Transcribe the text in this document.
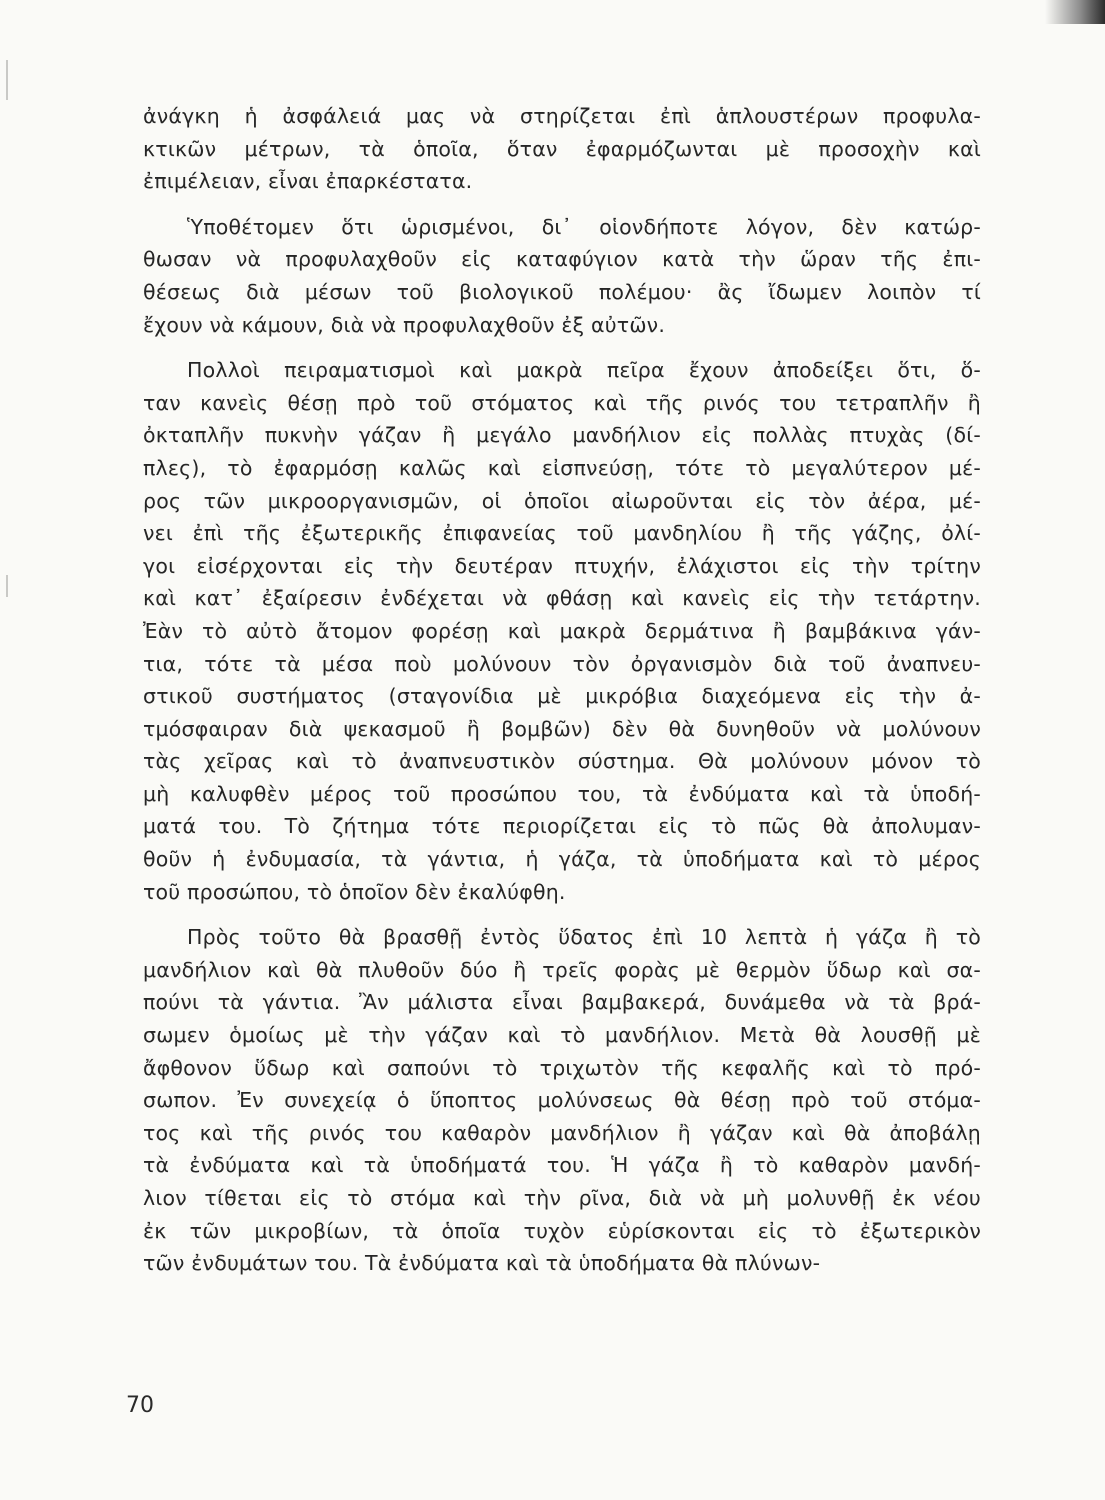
ἀνάγκη ἡ ἀσφάλειά μας νὰ στηρίζεται ἐπὶ ἁπλουστέρων προφυλα-
κτικῶν μέτρων, τὰ ὁποῖα, ὅταν ἐφαρμόζωνται μὲ προσοχὴν καὶ
ἐπιμέλειαν, εἶναι ἐπαρκέστατα.
Ὑποθέτομεν ὅτι ὡρισμένοι, δι᾽ οἱονδήποτε λόγον, δὲν κατώρ-
θωσαν νὰ προφυλαχθοῦν εἰς καταφύγιον κατὰ τὴν ὥραν τῆς ἐπι-
θέσεως διὰ μέσων τοῦ βιολογικοῦ πολέμου· ἂς ἴδωμεν λοιπὸν τί
ἔχουν νὰ κάμουν, διὰ νὰ προφυλαχθοῦν ἐξ αὐτῶν.
Πολλοὶ πειραματισμοὶ καὶ μακρὰ πεῖρα ἔχουν ἀποδείξει ὅτι, ὅ-
ταν κανεὶς θέσῃ πρὸ τοῦ στόματος καὶ τῆς ρινός του τετραπλῆν ἢ
ὀκταπλῆν πυκνὴν γάζαν ἢ μεγάλο μανδήλιον εἰς πολλὰς πτυχὰς (δί-
πλες), τὸ ἐφαρμόσῃ καλῶς καὶ εἰσπνεύσῃ, τότε τὸ μεγαλύτερον μέ-
ρος τῶν μικροοργανισμῶν, οἱ ὁποῖοι αἰωροῦνται εἰς τὸν ἀέρα, μέ-
νει ἐπὶ τῆς ἐξωτερικῆς ἐπιφανείας τοῦ μανδηλίου ἢ τῆς γάζης, ὀλί-
γοι εἰσέρχονται εἰς τὴν δευτέραν πτυχήν, ἐλάχιστοι εἰς τὴν τρίτην
καὶ κατ᾽ ἐξαίρεσιν ἐνδέχεται νὰ φθάσῃ καὶ κανεὶς εἰς τὴν τετάρτην.
Ἐὰν τὸ αὐτὸ ἄτομον φορέσῃ καὶ μακρὰ δερμάτινα ἢ βαμβάκινα γάν-
τια, τότε τὰ μέσα ποὺ μολύνουν τὸν ὀργανισμὸν διὰ τοῦ ἀναπνευ-
στικοῦ συστήματος (σταγονίδια μὲ μικρόβια διαχεόμενα εἰς τὴν ἀ-
τμόσφαιραν διὰ ψεκασμοῦ ἢ βομβῶν) δὲν θὰ δυνηθοῦν νὰ μολύνουν
τὰς χεῖρας καὶ τὸ ἀναπνευστικὸν σύστημα. Θὰ μολύνουν μόνον τὸ
μὴ καλυφθὲν μέρος τοῦ προσώπου του, τὰ ἐνδύματα καὶ τὰ ὑποδή-
ματά του. Τὸ ζήτημα τότε περιορίζεται εἰς τὸ πῶς θὰ ἀπολυμαν-
θοῦν ἡ ἐνδυμασία, τὰ γάντια, ἡ γάζα, τὰ ὑποδήματα καὶ τὸ μέρος
τοῦ προσώπου, τὸ ὁποῖον δὲν ἐκαλύφθη.
Πρὸς τοῦτο θὰ βρασθῇ ἐντὸς ὕδατος ἐπὶ 10 λεπτὰ ἡ γάζα ἢ τὸ
μανδήλιον καὶ θὰ πλυθοῦν δύο ἢ τρεῖς φορὰς μὲ θερμὸν ὕδωρ καὶ σα-
πούνι τὰ γάντια. Ἂν μάλιστα εἶναι βαμβακερά, δυνάμεθα νὰ τὰ βρά-
σωμεν ὁμοίως μὲ τὴν γάζαν καὶ τὸ μανδήλιον. Μετὰ θὰ λουσθῇ μὲ
ἄφθονον ὕδωρ καὶ σαπούνι τὸ τριχωτὸν τῆς κεφαλῆς καὶ τὸ πρό-
σωπον. Ἐν συνεχείᾳ ὁ ὕποπτος μολύνσεως θὰ θέσῃ πρὸ τοῦ στόμα-
τος καὶ τῆς ρινός του καθαρὸν μανδήλιον ἢ γάζαν καὶ θὰ ἀποβάλῃ
τὰ ἐνδύματα καὶ τὰ ὑποδήματά του. Ἡ γάζα ἢ τὸ καθαρὸν μανδή-
λιον τίθεται εἰς τὸ στόμα καὶ τὴν ρῖνα, διὰ νὰ μὴ μολυνθῇ ἐκ νέου
ἐκ τῶν μικροβίων, τὰ ὁποῖα τυχὸν εὑρίσκονται εἰς τὸ ἐξωτερικὸν
τῶν ἐνδυμάτων του. Τὰ ἐνδύματα καὶ τὰ ὑποδήματα θὰ πλύνων-
70
